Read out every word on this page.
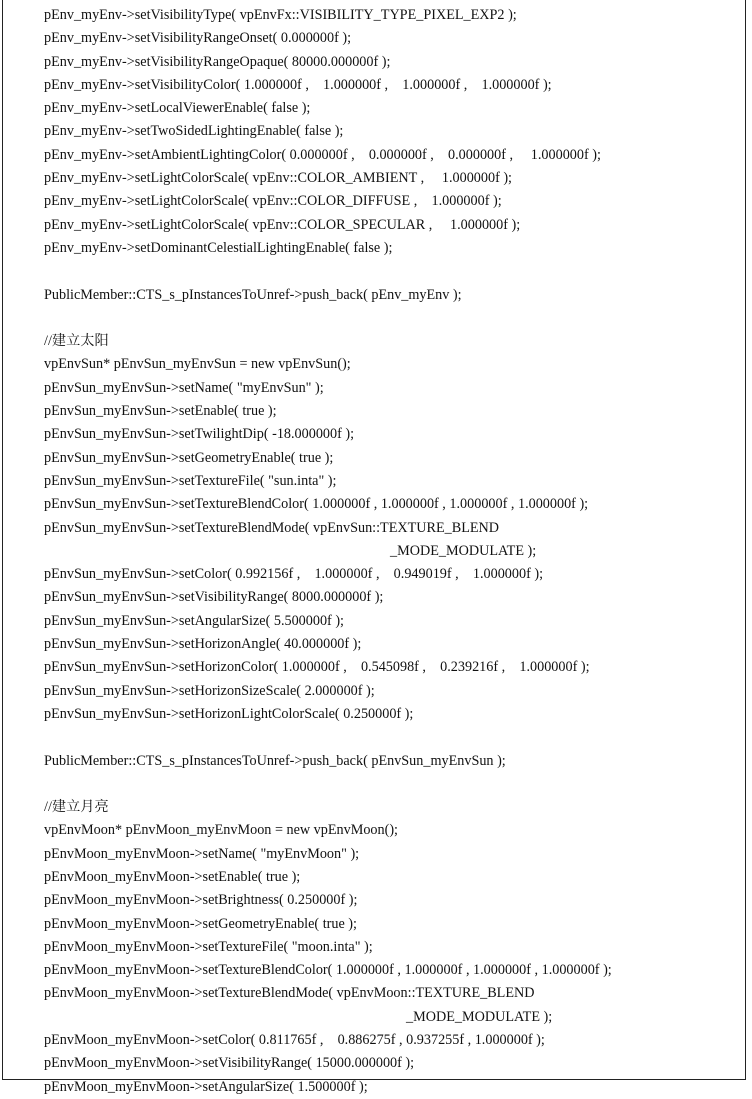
pEnv_myEnv->setVisibilityType( vpEnvFx::VISIBILITY_TYPE_PIXEL_EXP2 );
pEnv_myEnv->setVisibilityRangeOnset( 0.000000f );
pEnv_myEnv->setVisibilityRangeOpaque( 80000.000000f );
pEnv_myEnv->setVisibilityColor( 1.000000f ,    1.000000f ,    1.000000f ,    1.000000f );
pEnv_myEnv->setLocalViewerEnable( false );
pEnv_myEnv->setTwoSidedLightingEnable( false );
pEnv_myEnv->setAmbientLightingColor( 0.000000f ,    0.000000f ,    0.000000f ,     1.000000f );
pEnv_myEnv->setLightColorScale( vpEnv::COLOR_AMBIENT ,     1.000000f );
pEnv_myEnv->setLightColorScale( vpEnv::COLOR_DIFFUSE ,    1.000000f );
pEnv_myEnv->setLightColorScale( vpEnv::COLOR_SPECULAR ,     1.000000f );
pEnv_myEnv->setDominantCelestialLightingEnable( false );
PublicMember::CTS_s_pInstancesToUnref->push_back( pEnv_myEnv );
//建立太阳
vpEnvSun* pEnvSun_myEnvSun = new vpEnvSun();
pEnvSun_myEnvSun->setName( "myEnvSun" );
pEnvSun_myEnvSun->setEnable( true );
pEnvSun_myEnvSun->setTwilightDip( -18.000000f );
pEnvSun_myEnvSun->setGeometryEnable( true );
pEnvSun_myEnvSun->setTextureFile( "sun.inta" );
pEnvSun_myEnvSun->setTextureBlendColor( 1.000000f , 1.000000f , 1.000000f , 1.000000f );
pEnvSun_myEnvSun->setTextureBlendMode( vpEnvSun::TEXTURE_BLEND
_MODE_MODULATE );
pEnvSun_myEnvSun->setColor( 0.992156f ,    1.000000f ,    0.949019f ,    1.000000f );
pEnvSun_myEnvSun->setVisibilityRange( 8000.000000f );
pEnvSun_myEnvSun->setAngularSize( 5.500000f );
pEnvSun_myEnvSun->setHorizonAngle( 40.000000f );
pEnvSun_myEnvSun->setHorizonColor( 1.000000f ,    0.545098f ,    0.239216f ,    1.000000f );
pEnvSun_myEnvSun->setHorizonSizeScale( 2.000000f );
pEnvSun_myEnvSun->setHorizonLightColorScale( 0.250000f );
PublicMember::CTS_s_pInstancesToUnref->push_back( pEnvSun_myEnvSun );
//建立月亮
vpEnvMoon* pEnvMoon_myEnvMoon = new vpEnvMoon();
pEnvMoon_myEnvMoon->setName( "myEnvMoon" );
pEnvMoon_myEnvMoon->setEnable( true );
pEnvMoon_myEnvMoon->setBrightness( 0.250000f );
pEnvMoon_myEnvMoon->setGeometryEnable( true );
pEnvMoon_myEnvMoon->setTextureFile( "moon.inta" );
pEnvMoon_myEnvMoon->setTextureBlendColor( 1.000000f , 1.000000f , 1.000000f , 1.000000f );
pEnvMoon_myEnvMoon->setTextureBlendMode( vpEnvMoon::TEXTURE_BLEND
_MODE_MODULATE );
pEnvMoon_myEnvMoon->setColor( 0.811765f ,    0.886275f , 0.937255f , 1.000000f );
pEnvMoon_myEnvMoon->setVisibilityRange( 15000.000000f );
pEnvMoon_myEnvMoon->setAngularSize( 1.500000f );
